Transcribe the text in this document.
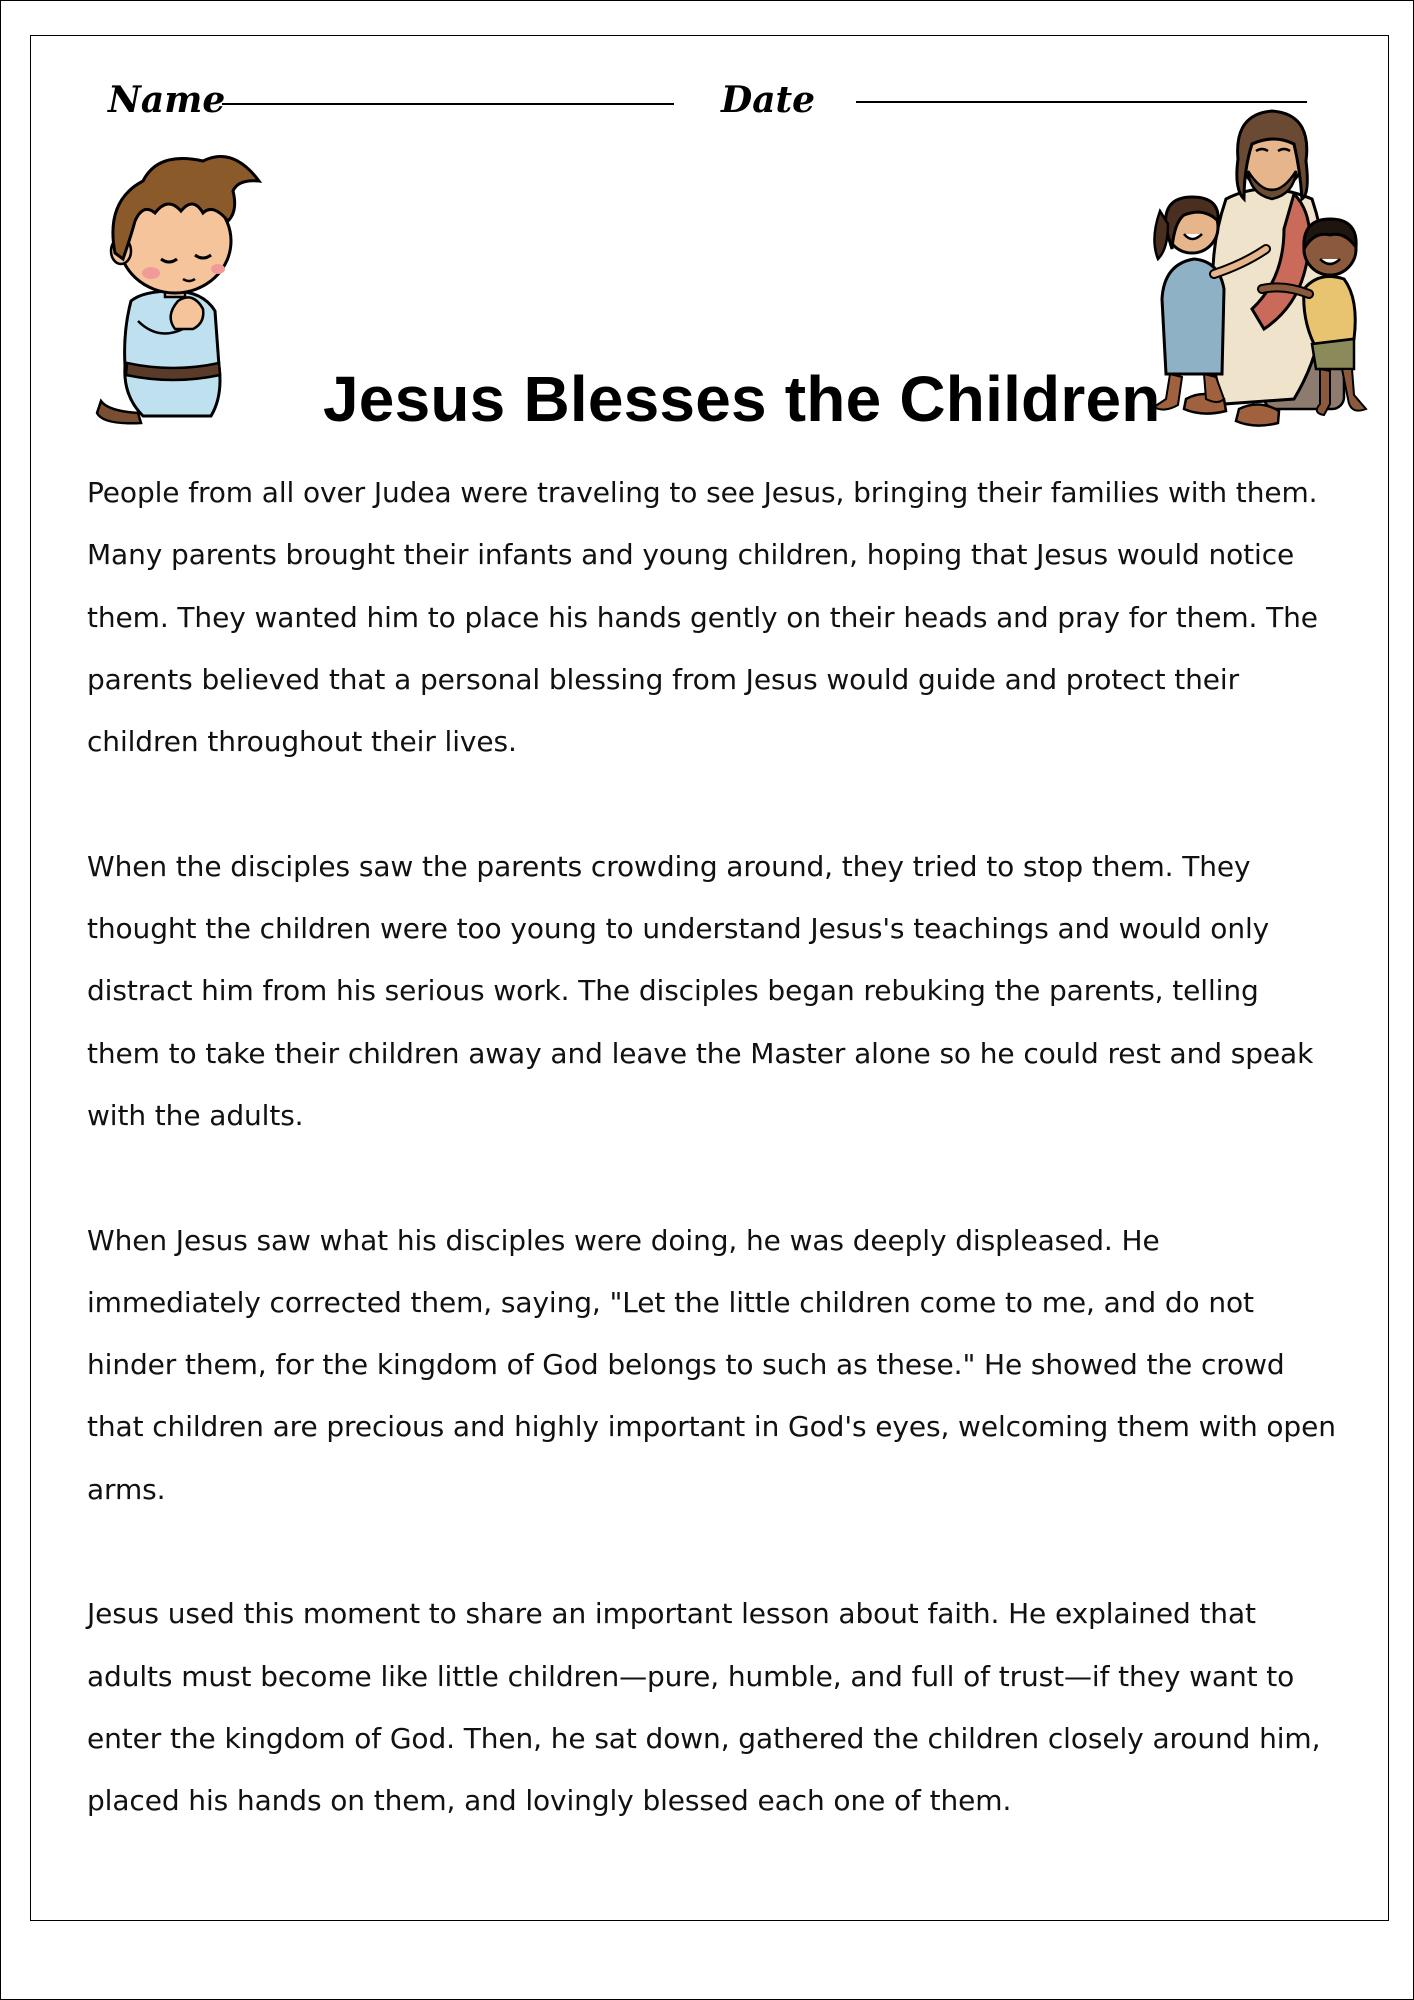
Name	Date
Jesus Blesses the Children

People from all over Judea were traveling to see Jesus, bringing their families with them. Many parents brought their infants and young children, hoping that Jesus would notice them. They wanted him to place his hands gently on their heads and pray for them. The parents believed that a personal blessing from Jesus would guide and protect their children throughout their lives.

When the disciples saw the parents crowding around, they tried to stop them. They thought the children were too young to understand Jesus's teachings and would only distract him from his serious work. The disciples began rebuking the parents, telling them to take their children away and leave the Master alone so he could rest and speak with the adults.

When Jesus saw what his disciples were doing, he was deeply displeased. He immediately corrected them, saying, "Let the little children come to me, and do not hinder them, for the kingdom of God belongs to such as these." He showed the crowd that children are precious and highly important in God's eyes, welcoming them with open arms.

Jesus used this moment to share an important lesson about faith. He explained that adults must become like little children—pure, humble, and full of trust—if they want to enter the kingdom of God. Then, he sat down, gathered the children closely around him, placed his hands on them, and lovingly blessed each one of them.
